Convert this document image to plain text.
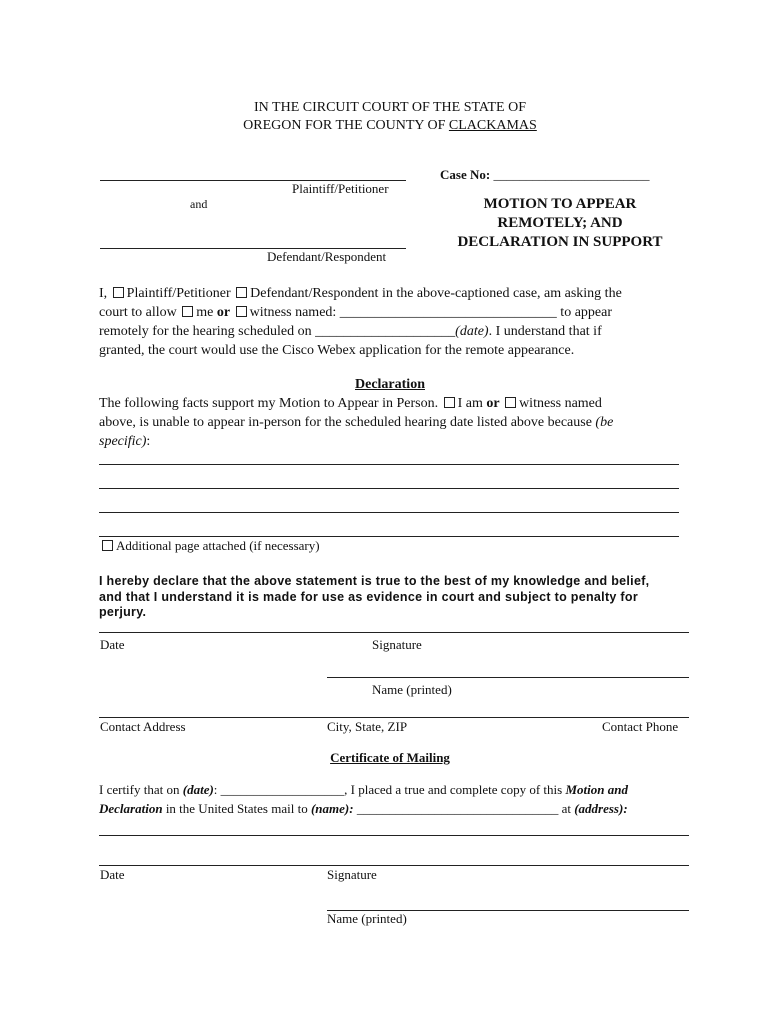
IN THE CIRCUIT COURT OF THE STATE OF
OREGON FOR THE COUNTY OF CLACKAMAS
Plaintiff/Petitioner
and
Defendant/Respondent
Case No: ________________________
MOTION TO APPEAR
REMOTELY; AND
DECLARATION IN SUPPORT
I, Plaintiff/Petitioner Defendant/Respondent in the above-captioned case, am asking the
court to allow me or witness named: _______________________________ to appear
remotely for the hearing scheduled on ____________________(date). I understand that if
granted, the court would use the Cisco Webex application for the remote appearance.
Declaration
The following facts support my Motion to Appear in Person. I am or witness named
above, is unable to appear in-person for the scheduled hearing date listed above because (be
specific):
Additional page attached (if necessary)
I hereby declare that the above statement is true to the best of my knowledge and belief,
and that I understand it is made for use as evidence in court and subject to penalty for
perjury.
Date	Signature
Name (printed)
Contact Address	City, State, ZIP	Contact Phone
Certificate of Mailing
I certify that on (date): ___________________, I placed a true and complete copy of this Motion and
Declaration in the United States mail to (name): _______________________________ at (address):
Date	Signature
Name (printed)
